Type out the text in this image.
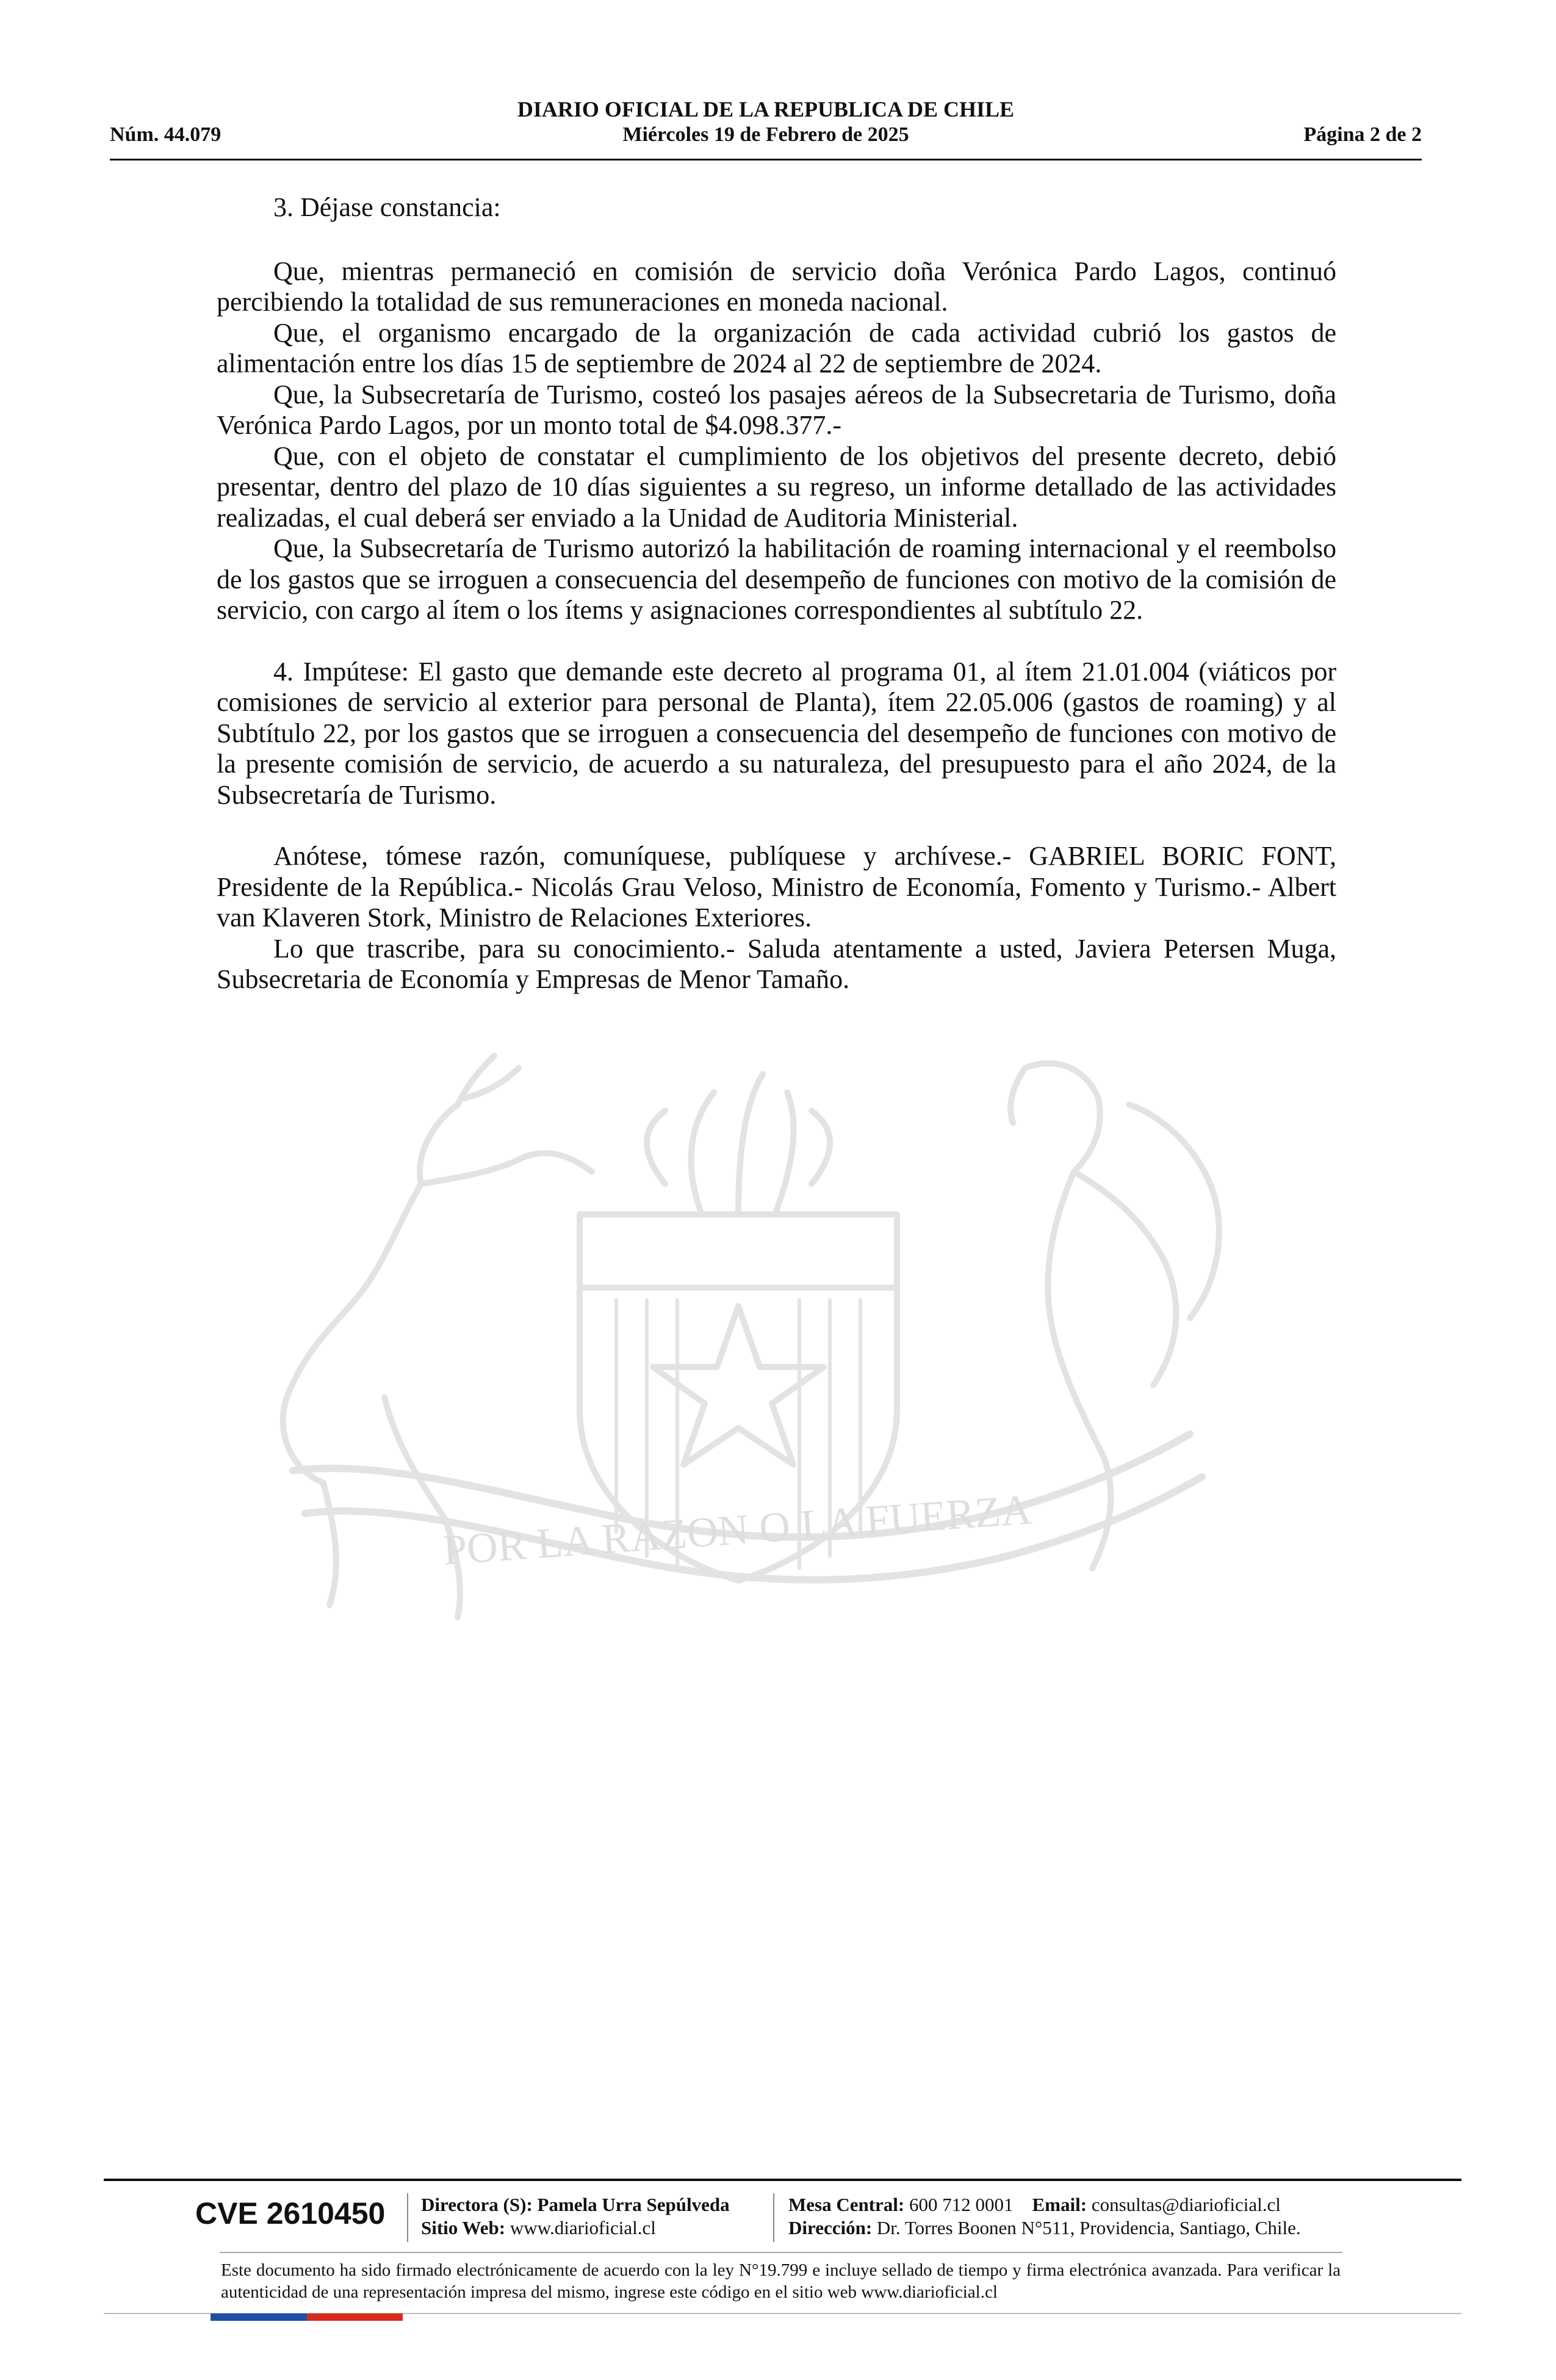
DIARIO OFICIAL DE LA REPUBLICA DE CHILE
Núm. 44.079	Miércoles 19 de Febrero de 2025	Página 2 de 2
POR LA RAZON O LA FUERZA

3. Déjase constancia:

Que, mientras permaneció en comisión de servicio doña Verónica Pardo Lagos, continuó percibiendo la totalidad de sus remuneraciones en moneda nacional.

Que, el organismo encargado de la organización de cada actividad cubrió los gastos de alimentación entre los días 15 de septiembre de 2024 al 22 de septiembre de 2024.

Que, la Subsecretaría de Turismo, costeó los pasajes aéreos de la Subsecretaria de Turismo, doña Verónica Pardo Lagos, por un monto total de $4.098.377.-

Que, con el objeto de constatar el cumplimiento de los objetivos del presente decreto, debió presentar, dentro del plazo de 10 días siguientes a su regreso, un informe detallado de las actividades realizadas, el cual deberá ser enviado a la Unidad de Auditoria Ministerial.

Que, la Subsecretaría de Turismo autorizó la habilitación de roaming internacional y el reembolso de los gastos que se irroguen a consecuencia del desempeño de funciones con motivo de la comisión de servicio, con cargo al ítem o los ítems y asignaciones correspondientes al subtítulo 22.

4. Impútese: El gasto que demande este decreto al programa 01, al ítem 21.01.004 (viáticos por comisiones de servicio al exterior para personal de Planta), ítem 22.05.006 (gastos de roaming) y al Subtítulo 22, por los gastos que se irroguen a consecuencia del desempeño de funciones con motivo de la presente comisión de servicio, de acuerdo a su naturaleza, del presupuesto para el año 2024, de la Subsecretaría de Turismo.

Anótese, tómese razón, comuníquese, publíquese y archívese.- GABRIEL BORIC FONT, Presidente de la República.- Nicolás Grau Veloso, Ministro de Economía, Fomento y Turismo.- Albert van Klaveren Stork, Ministro de Relaciones Exteriores.

Lo que trascribe, para su conocimiento.- Saluda atentamente a usted, Javiera Petersen Muga, Subsecretaria de Economía y Empresas de Menor Tamaño.

CVE 2610450 Directora (S): Pamela Urra Sepúlveda
Sitio Web: www.diarioficial.cl
Mesa Central: 600 712 0001 Email: consultas@diarioficial.cl
Dirección: Dr. Torres Boonen N°511, Providencia, Santiago, Chile.
Este documento ha sido firmado electrónicamente de acuerdo con la ley N°19.799 e incluye sellado de tiempo y firma electrónica avanzada. Para verificar la autenticidad de una representación impresa del mismo, ingrese este código en el sitio web www.diarioficial.cl
